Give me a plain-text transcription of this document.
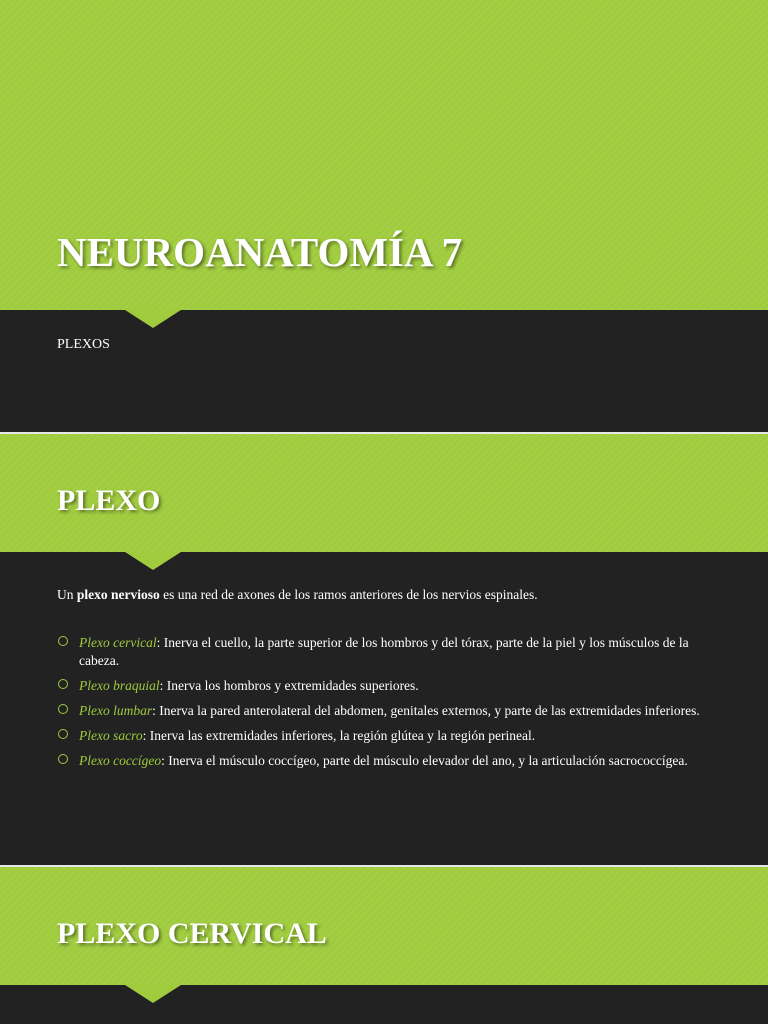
NEUROANATOMÍA 7
PLEXOS
PLEXO
Un plexo nervioso es una red de axones de los ramos anteriores de los nervios espinales.
Plexo cervical: Inerva el cuello, la parte superior de los hombros y del tórax, parte de la piel y los músculos de la cabeza.
Plexo braquial: Inerva los hombros y extremidades superiores.
Plexo lumbar: Inerva la pared anterolateral del abdomen, genitales externos, y parte de las extremidades inferiores.
Plexo sacro: Inerva las extremidades inferiores, la región glútea y la región perineal.
Plexo coccígeo: Inerva el músculo coccígeo, parte del músculo elevador del ano, y la articulación sacrococcígea.
PLEXO CERVICAL
